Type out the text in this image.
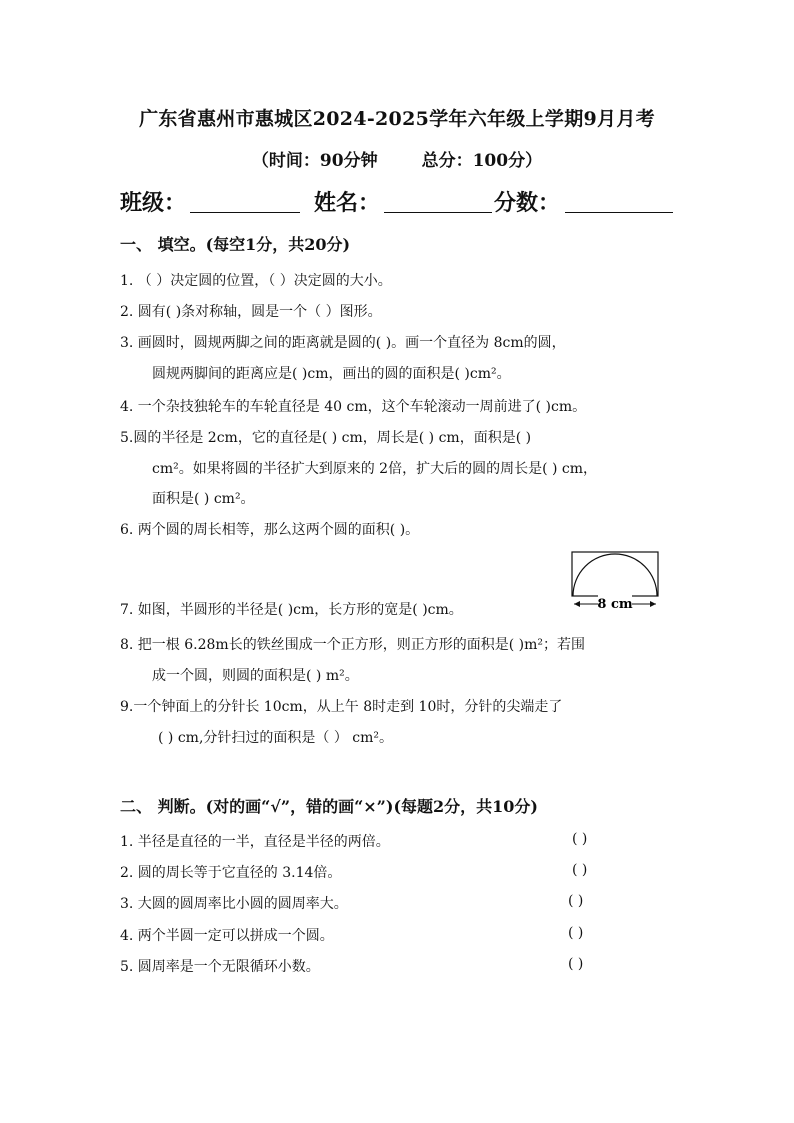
广东省惠州市惠城区2024-2025学年六年级上学期9月月考
（时间：90分钟	总分：100分）
班级：	姓名：	分数：
一、 填空。(每空1分，共20分)
1. （ ）决定圆的位置，（ ）决定圆的大小。
2. 圆有( )条对称轴，圆是一个（ ）图形。
3. 画圆时，圆规两脚之间的距离就是圆的( )。画一个直径为 8cm的圆，
圆规两脚间的距离应是( )cm，画出的圆的面积是( )cm²。
4. 一个杂技独轮车的车轮直径是 40 cm，这个车轮滚动一周前进了( )cm。
5.圆的半径是 2cm，它的直径是( ) cm，周长是( ) cm，面积是( )
cm²。如果将圆的半径扩大到原来的 2倍，扩大后的圆的周长是( ) cm，
面积是( ) cm²。
6. 两个圆的周长相等，那么这两个圆的面积( )。
8 cm
7. 如图，半圆形的半径是( )cm，长方形的宽是( )cm。
8. 把一根 6.28m长的铁丝围成一个正方形，则正方形的面积是( )m²；若围
成一个圆，则圆的面积是( ) m²。
9.一个钟面上的分针长 10cm，从上午 8时走到 10时，分针的尖端走了
( ) cm,分针扫过的面积是（ ） cm²。
二、 判断。(对的画“√”，错的画“×”)(每题2分，共10分)
1. 半径是直径的一半，直径是半径的两倍。	( )
2. 圆的周长等于它直径的 3.14倍。	( )
3. 大圆的圆周率比小圆的圆周率大。	( )
4. 两个半圆一定可以拼成一个圆。	( )
5. 圆周率是一个无限循环小数。	( )
